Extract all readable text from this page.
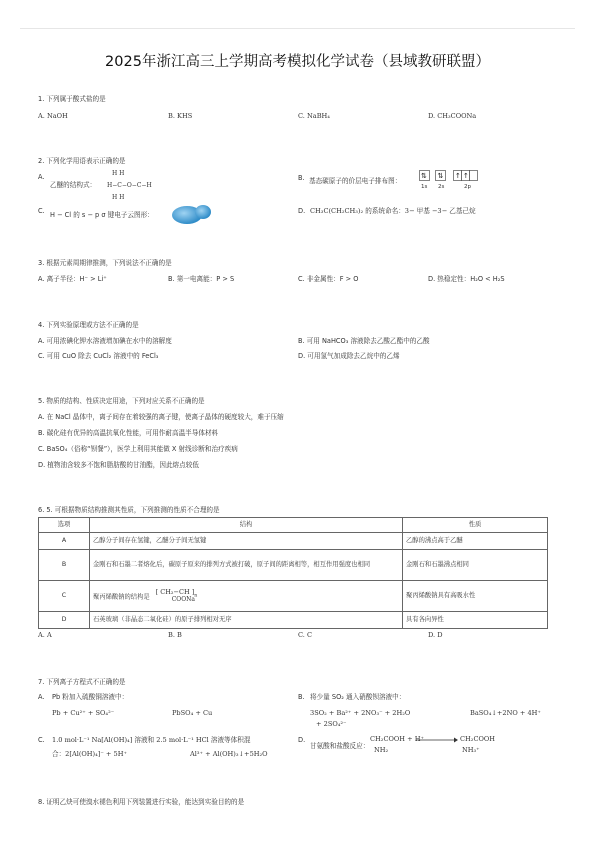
2025年浙江高三上学期高考模拟化学试卷（县域教研联盟）
1. 下列属于酸式盐的是
A. NaOH	B. KHS	C. NaBH₄	D. CH₃COONa
2. 下列化学用语表示正确的是
A.
乙醚的结构式：
H H
H−C−O−C−H
H H
B. 基态碳原子的价层电子排布图：
⇅ ⇅ ↑ ↑
1s 2s	2p
C. H − Cl 的 s − p σ 键电子云图形：	D. CH₃C(CH₂CH₃)₂ 的系统命名：3− 甲基 −3− 乙基己烷
3. 根据元素周期律推测，下列说法不正确的是
A. 离子半径：H⁻ > Li⁺	B. 第一电离能：P > S	C. 非金属性：F > O	D. 热稳定性：H₂O < H₂S
4. 下列实验原理或方法不正确的是
A. 可用浓碘化钾水溶液增加碘在水中的溶解度	B. 可用 NaHCO₃ 溶液除去乙酸乙酯中的乙酸
C. 可用 CuO 除去 CuCl₂ 溶液中的 FeCl₃	D. 可用氢气加成除去乙烷中的乙烯
5. 物质的结构、性质决定用途，下列对应关系不正确的是
A. 在 NaCl 晶体中，离子间存在着较强的离子键，使离子晶体的硬度较大，难于压缩
B. 碳化硅有优异的高温抗氧化性能，可用作耐高温半导体材料
C. BaSO₄（俗称“钡餐”），医学上利用其能做 X 射线诊断和治疗疾病
D. 植物油含较多不饱和脂肪酸的甘油酯，因此熔点较低
6. 5. 可根据物质结构推测其性质，下列推测的性质不合理的是
选项	结构	性质
A	乙醇分子间存在氢键，乙醚分子间无氢键	乙醇的沸点高于乙醚
B	金刚石和石墨二者熔化后，碳原子原来的排列方式被打破，原子间的距离相等，相互作用强度也相同	金刚石和石墨沸点相同
C	聚丙烯酸钠的结构是
[ CH₂−CH ]$_n$
COONa	聚丙烯酸钠具有高吸水性
D	石英玻璃（非晶态二氧化硅）的原子排列相对无序	具有各向异性
A. A	B. B	C. C	D. D
7. 下列离子方程式不正确的是
A. Pb 粉加入硫酸铜溶液中：
Pb + Cu²⁺ + SO₄²⁻	PbSO₄ + Cu
B. 将少量 SO₂ 通入硝酸钡溶液中：
3SO₂ + Ba²⁺ + 2NO₃⁻ + 2H₂O	BaSO₄↓+2NO + 4H⁺
+ 2SO₄²⁻
C. 1.0 mol·L⁻¹ Na[Al(OH)₄] 溶液和 2.5 mol·L⁻¹ HCl 溶液等体积混
合：2[Al(OH)₄]⁻ + 5H⁺	Al³⁺ + Al(OH)₃↓+5H₂O
D.
甘氨酸和盐酸反应：
CH₂COOH + H⁺
NH₂
→ CH₂COOH
NH₃⁺
8. 证明乙炔可使溴水褪色利用下列装置进行实验，能达到实验目的的是
